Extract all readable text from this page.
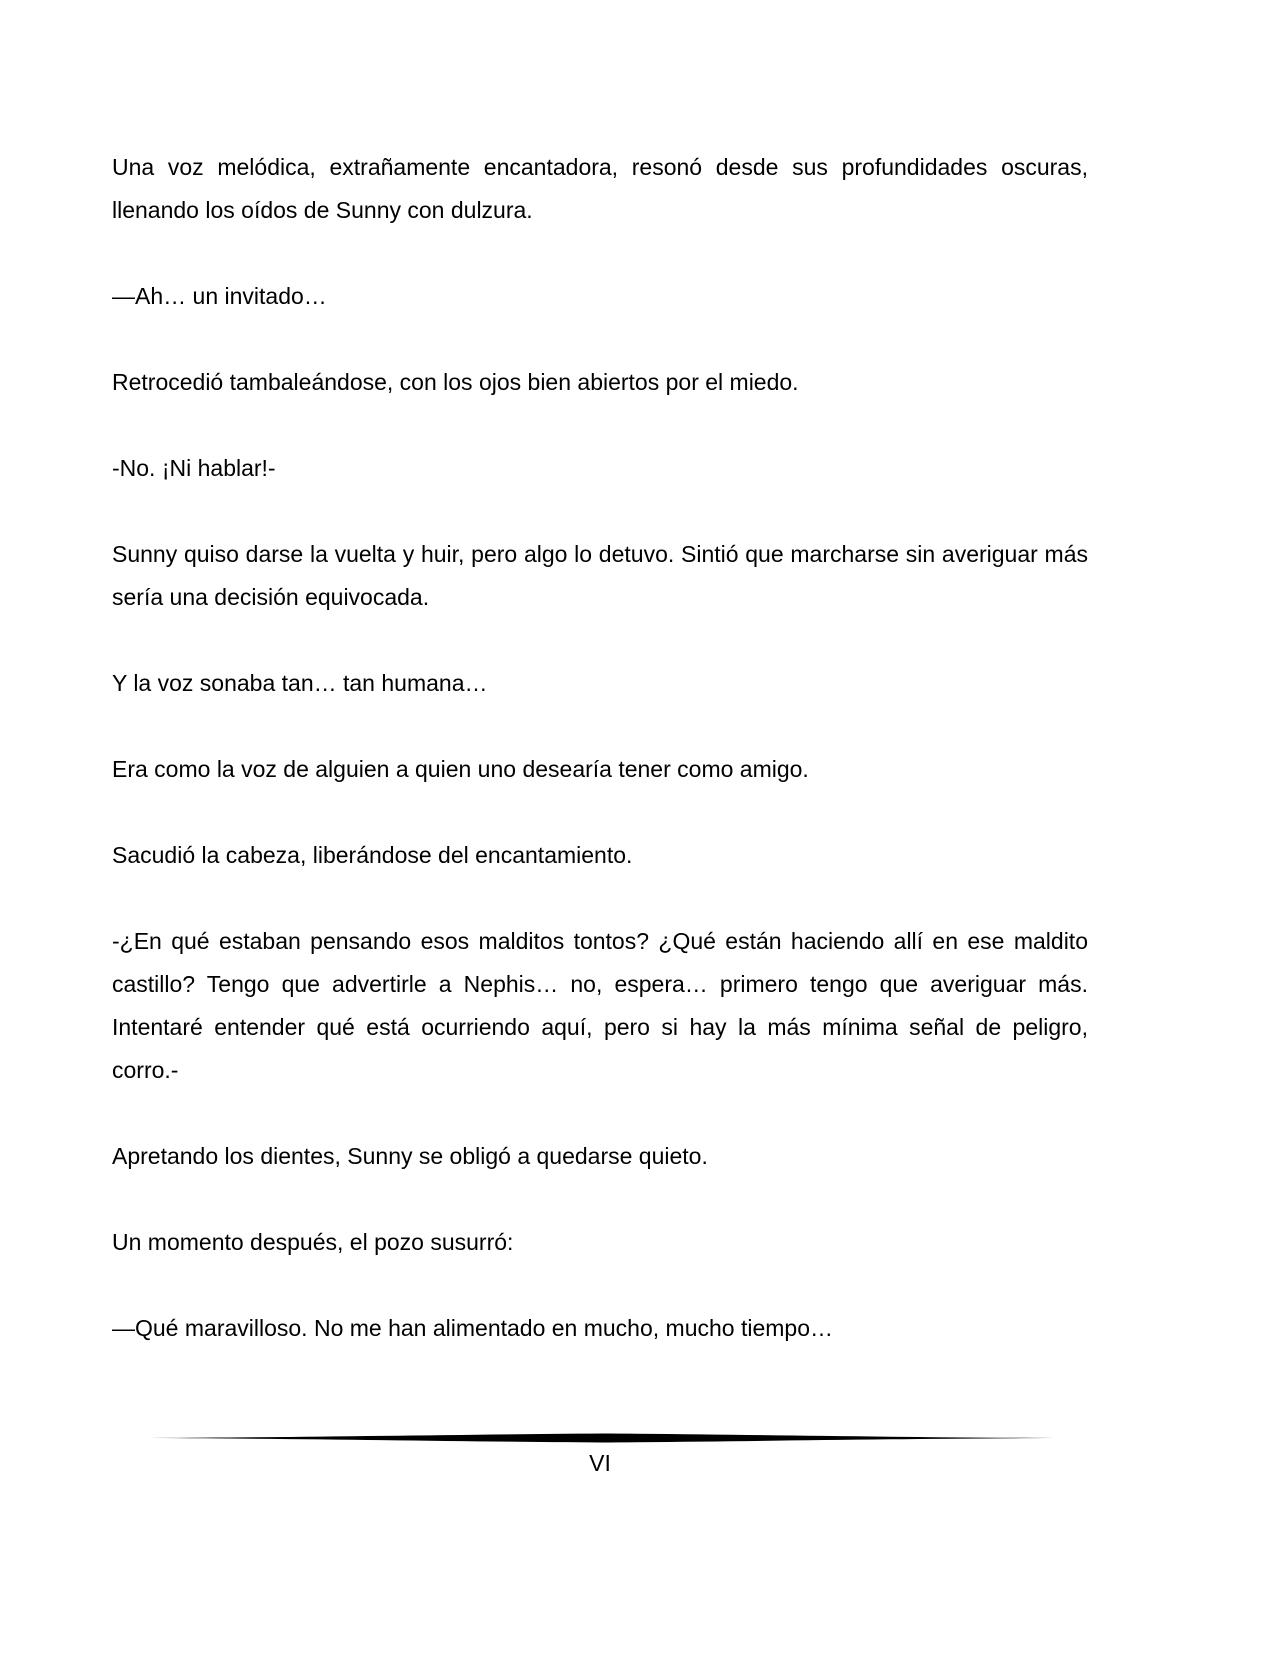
Una voz melódica, extrañamente encantadora, resonó desde sus profundidades oscuras, llenando los oídos de Sunny con dulzura.

—Ah… un invitado…

Retrocedió tambaleándose, con los ojos bien abiertos por el miedo.

-No. ¡Ni hablar!-

Sunny quiso darse la vuelta y huir, pero algo lo detuvo. Sintió que marcharse sin averiguar más sería una decisión equivocada.

Y la voz sonaba tan… tan humana…

Era como la voz de alguien a quien uno desearía tener como amigo.

Sacudió la cabeza, liberándose del encantamiento.

-¿En qué estaban pensando esos malditos tontos? ¿Qué están haciendo allí en ese maldito castillo? Tengo que advertirle a Nephis… no, espera… primero tengo que averiguar más. Intentaré entender qué está ocurriendo aquí, pero si hay la más mínima señal de peligro, corro.-

Apretando los dientes, Sunny se obligó a quedarse quieto.

Un momento después, el pozo susurró:

—Qué maravilloso. No me han alimentado en mucho, mucho tiempo…

VI
